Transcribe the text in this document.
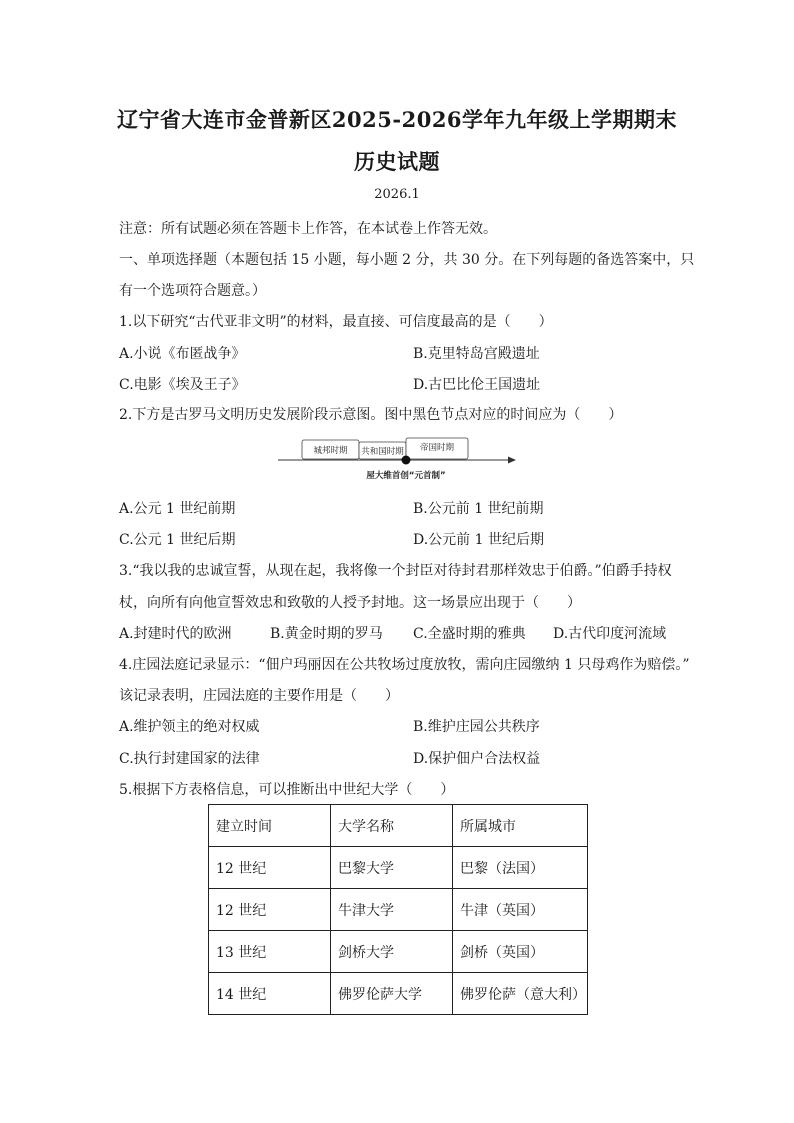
辽宁省大连市金普新区2025-2026学年九年级上学期期末
历史试题
2026.1
注意：所有试题必须在答题卡上作答，在本试卷上作答无效。
一、单项选择题（本题包括 15 小题，每小题 2 分，共 30 分。在下列每题的备选答案中，只
有一个选项符合题意。）
1.以下研究“古代亚非文明”的材料，最直接、可信度最高的是（　　）
A.小说《布匿战争》	B.克里特岛宫殿遗址
C.电影《埃及王子》	D.古巴比伦王国遗址
2.下方是古罗马文明历史发展阶段示意图。图中黑色节点对应的时间应为（　　）
城邦时期 共和国时期 帝国时期
屋大维首创“元首制”
A.公元 1 世纪前期	B.公元前 1 世纪前期
C.公元 1 世纪后期	D.公元前 1 世纪后期
3.“我以我的忠诚宣誓，从现在起，我将像一个封臣对待封君那样效忠于伯爵。”伯爵手持权
杖，向所有向他宣誓效忠和致敬的人授予封地。这一场景应出现于（　　）
A.封建时代的欧洲	B.黄金时期的罗马 C.全盛时期的雅典 D.古代印度河流域
4.庄园法庭记录显示：“佃户玛丽因在公共牧场过度放牧，需向庄园缴纳 1 只母鸡作为赔偿。”
该记录表明，庄园法庭的主要作用是（　　）
A.维护领主的绝对权威	B.维护庄园公共秩序
C.执行封建国家的法律	D.保护佃户合法权益
5.根据下方表格信息，可以推断出中世纪大学（　　）
建立时间	大学名称	所属城市
12 世纪	巴黎大学	巴黎（法国）
12 世纪	牛津大学	牛津（英国）
13 世纪	剑桥大学	剑桥（英国）
14 世纪	佛罗伦萨大学	佛罗伦萨（意大利）
